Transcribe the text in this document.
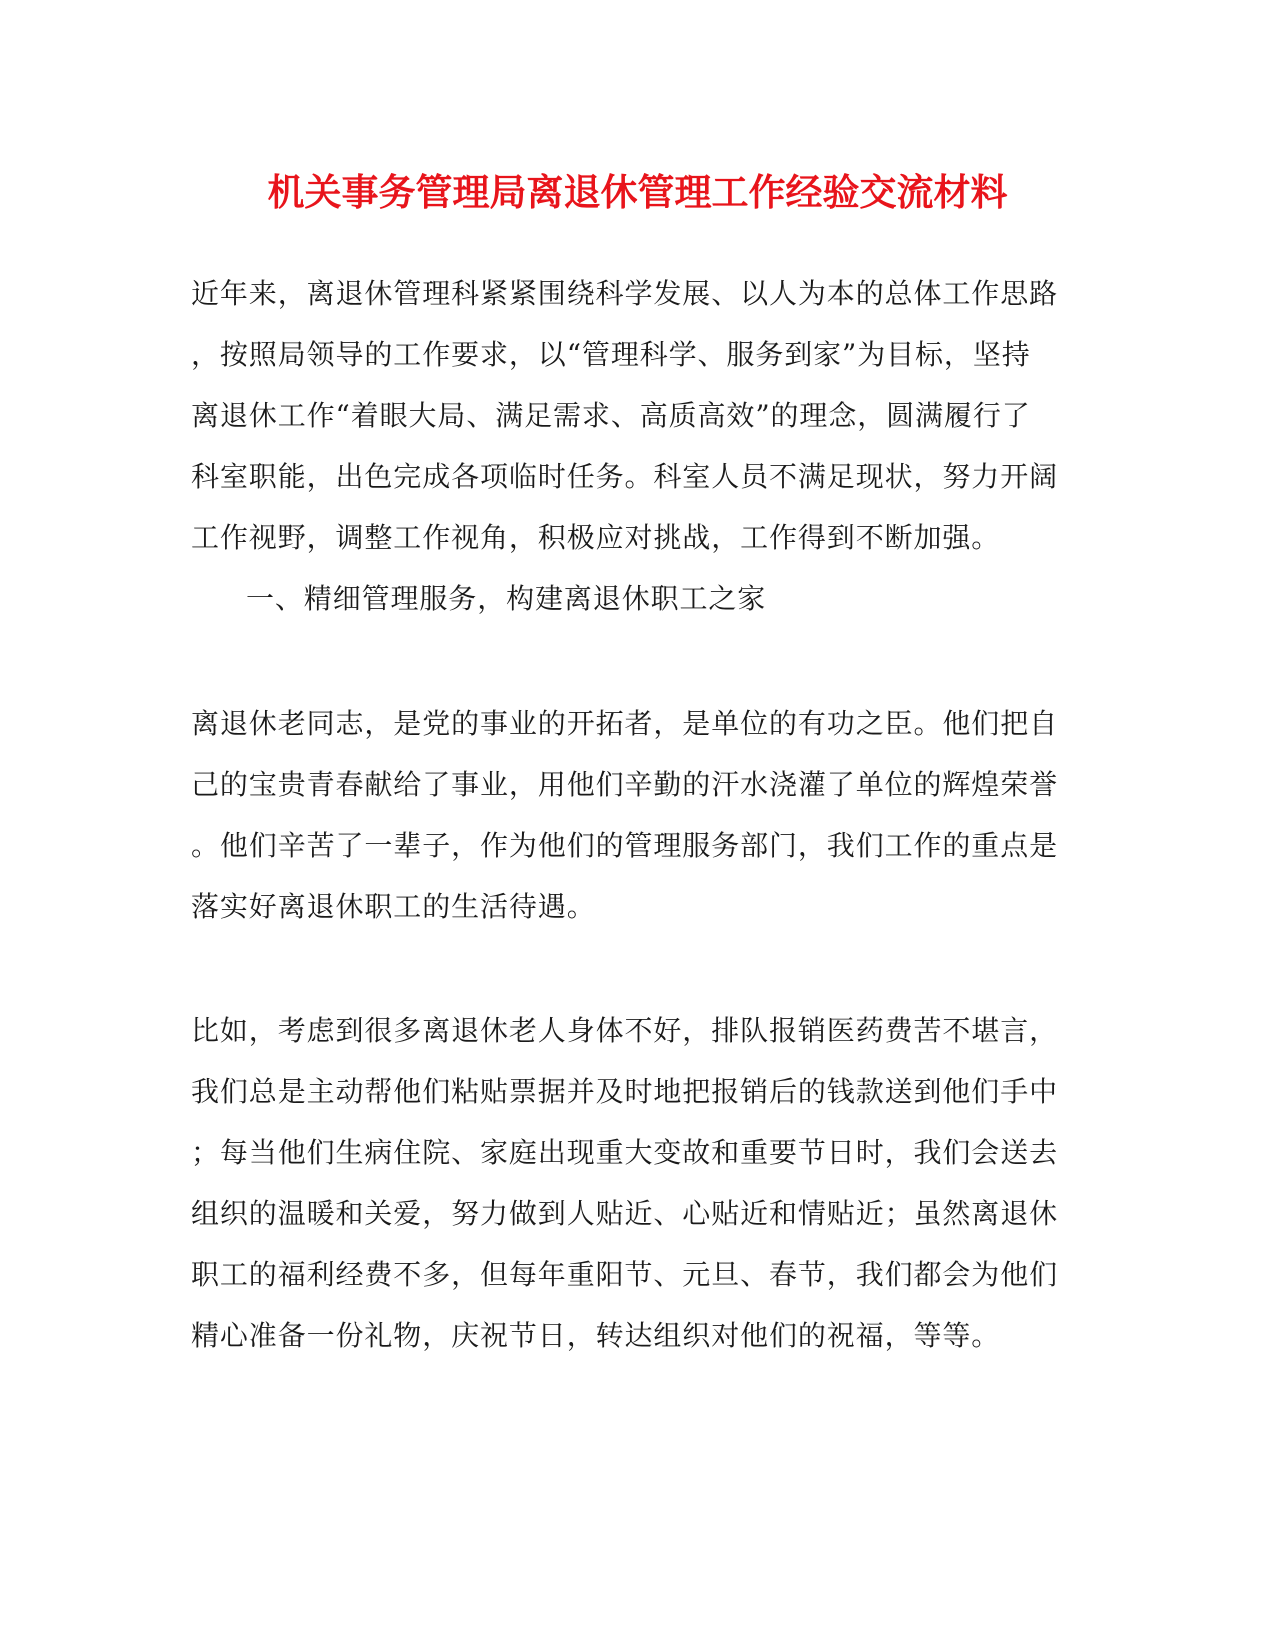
机关事务管理局离退休管理工作经验交流材料
近年来，离退休管理科紧紧围绕科学发展、以人为本的总体工作思路
，按照局领导的工作要求，以“管理科学、服务到家”为目标，坚持
离退休工作“着眼大局、满足需求、高质高效”的理念，圆满履行了
科室职能，出色完成各项临时任务。科室人员不满足现状，努力开阔
工作视野，调整工作视角，积极应对挑战，工作得到不断加强。
一、精细管理服务，构建离退休职工之家
离退休老同志，是党的事业的开拓者，是单位的有功之臣。他们把自
己的宝贵青春献给了事业，用他们辛勤的汗水浇灌了单位的辉煌荣誉
。他们辛苦了一辈子，作为他们的管理服务部门，我们工作的重点是
落实好离退休职工的生活待遇。
比如，考虑到很多离退休老人身体不好，排队报销医药费苦不堪言，
我们总是主动帮他们粘贴票据并及时地把报销后的钱款送到他们手中
；每当他们生病住院、家庭出现重大变故和重要节日时，我们会送去
组织的温暖和关爱，努力做到人贴近、心贴近和情贴近；虽然离退休
职工的福利经费不多，但每年重阳节、元旦、春节，我们都会为他们
精心准备一份礼物，庆祝节日，转达组织对他们的祝福，等等。
